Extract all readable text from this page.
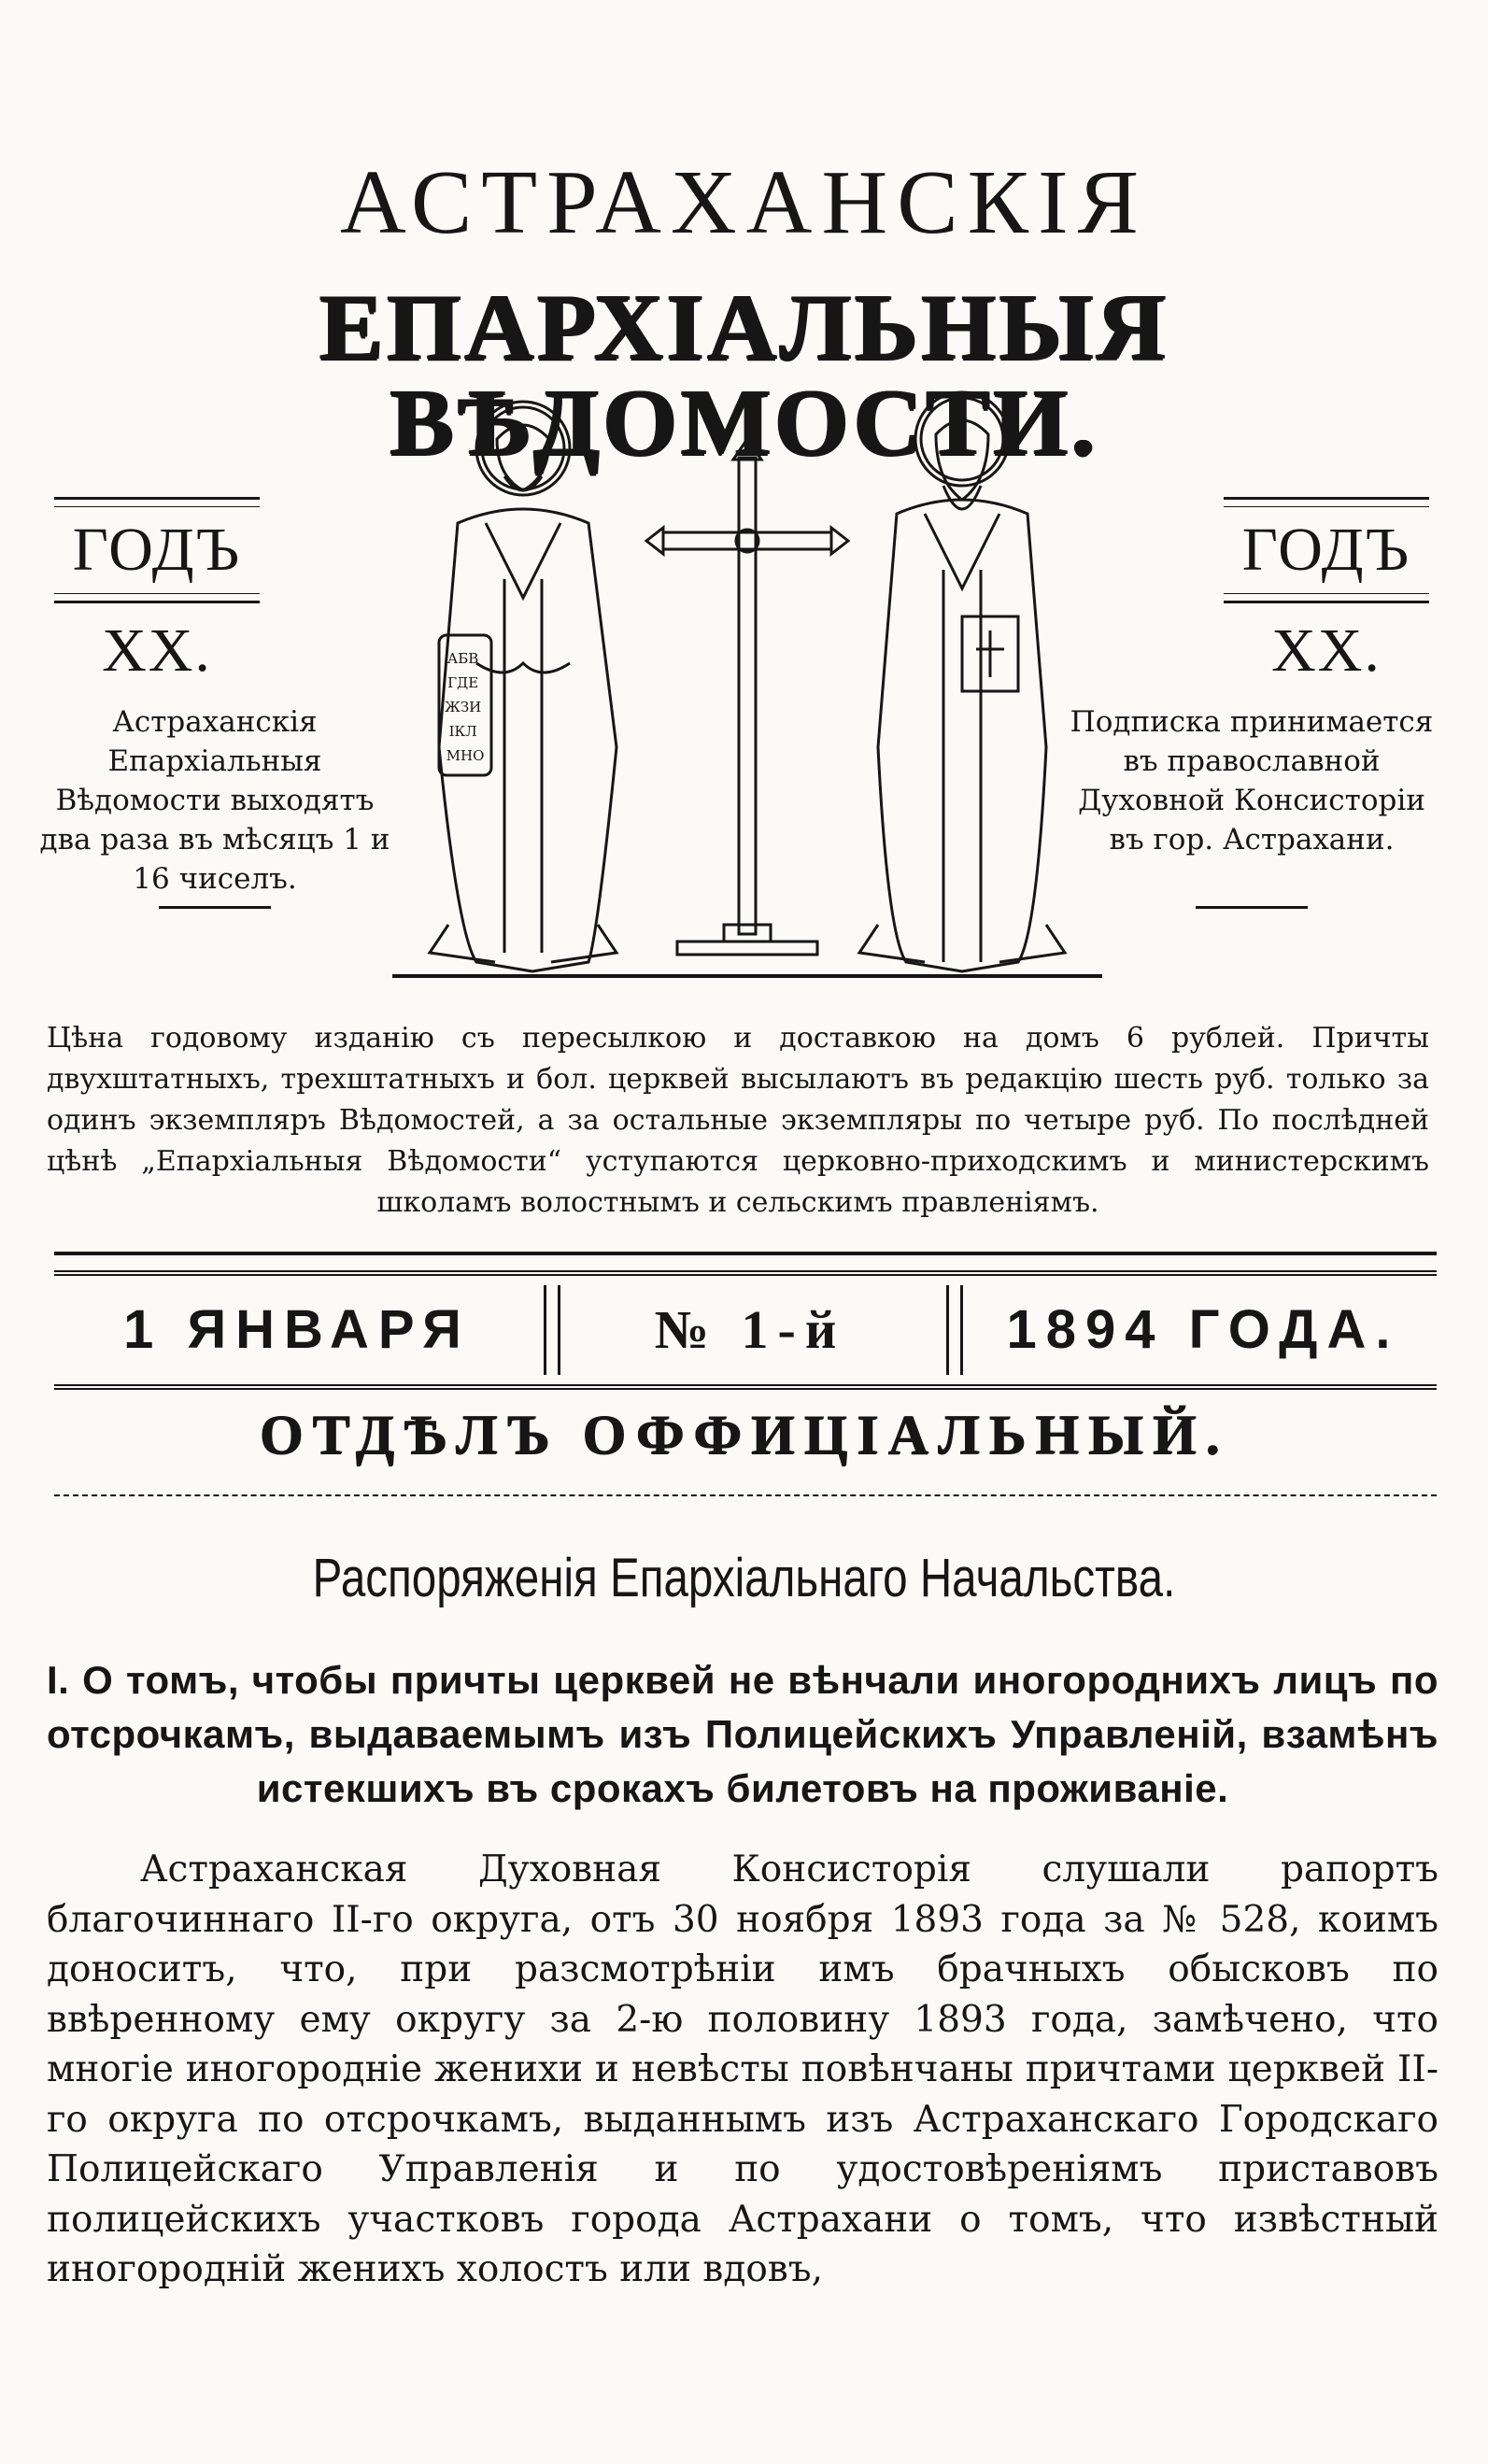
АСТРАХАНСКІЯ
ЕПАРХІАЛЬНЫЯ ВѢДОМОСТИ.
ГОДЪ XX.
ГОДЪ XX.
Астраханскія Епархіальныя Вѣдомости выходятъ два раза въ мѣсяцъ 1 и 16 чиселъ.
Подписка принимается въ православной Духовной Консисторіи въ гор. Астрахани.
АБВ ГДЕ ЖЗИ ІКЛ МНО
Цѣна годовому изданію съ пересылкою и доставкою на домъ 6 рублей. Причты двухштатныхъ, трехштатныхъ и бол. церквей высылаютъ въ редакцію шесть руб. только за одинъ экземпляръ Вѣдомостей, а за остальные экземпляры по четыре руб. По послѣдней цѣнѣ „Епархіальныя Вѣдомости“ уступаются церковно-приходскимъ и министерскимъ школамъ волостнымъ и сельскимъ правленіямъ.
1 ЯНВАРЯ	№ 1-й	1894 ГОДА.
ОТДѢЛЪ ОФФИЦІАЛЬНЫЙ.
Распоряженія Епархіальнаго Начальства.
I. О томъ, чтобы причты церквей не вѣнчали иногороднихъ лицъ по отсрочкамъ, выдаваемымъ изъ Полицейскихъ Управленій, взамѣнъ истекшихъ въ срокахъ билетовъ на проживаніе.
Астраханская Духовная Консисторія слушали рапортъ благочиннаго II-го округа, отъ 30 ноября 1893 года за № 528, коимъ доноситъ, что, при разсмотрѣніи имъ брачныхъ обысковъ по ввѣренному ему округу за 2-ю половину 1893 года, замѣчено, что многіе иногородніе женихи и невѣсты повѣнчаны причтами церквей II-го округа по отсрочкамъ, выданнымъ изъ Астраханскаго Городскаго Полицейскаго Управленія и по удостовѣреніямъ приставовъ полицейскихъ участковъ города Астрахани о томъ, что извѣстный иногородній женихъ холостъ или вдовъ,
